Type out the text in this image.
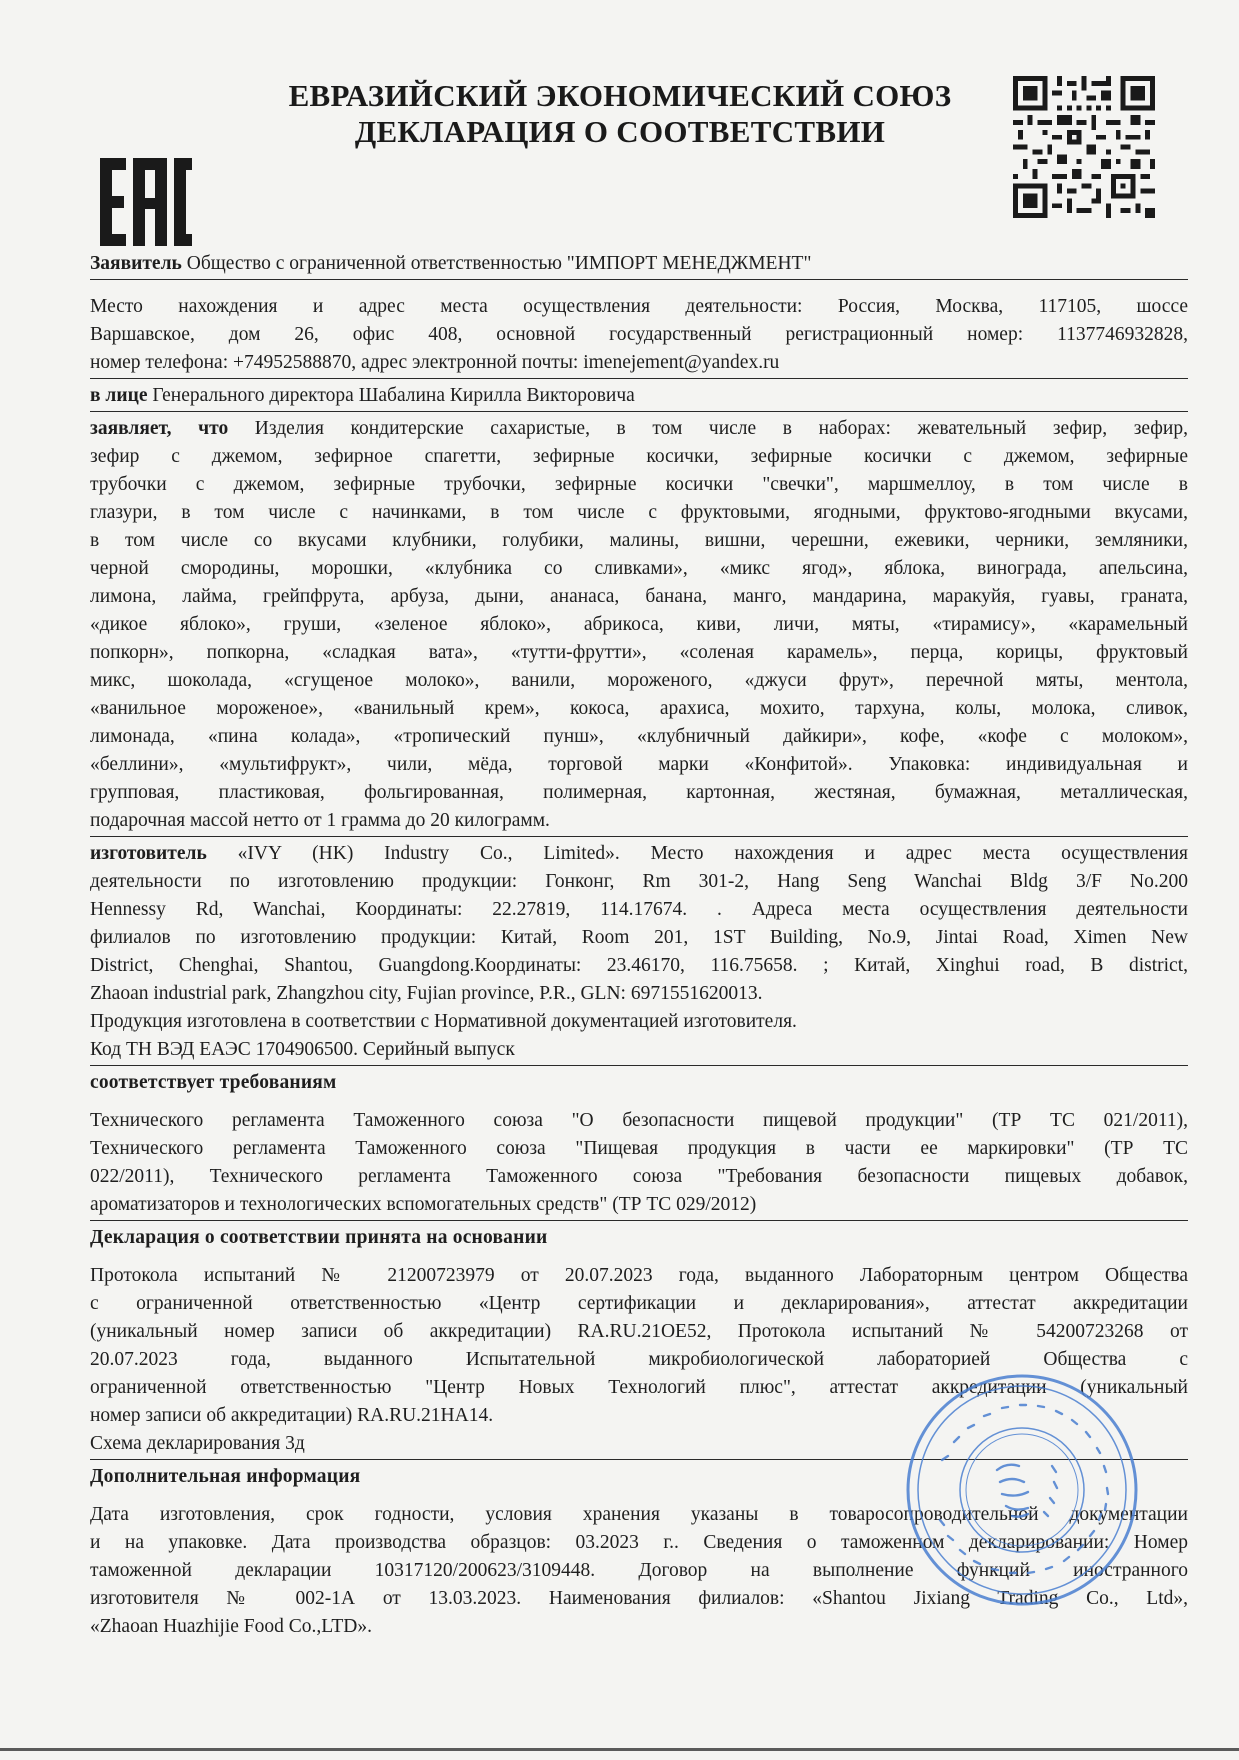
ЕВРАЗИЙСКИЙ ЭКОНОМИЧЕСКИЙ СОЮЗ
ДЕКЛАРАЦИЯ О СООТВЕТСТВИИ
Заявитель Общество с ограниченной ответственностью "ИМПОРТ МЕНЕДЖМЕНТ"
Место нахождения и адрес места осуществления деятельности: Россия, Москва, 117105, шоссе
Варшавское, дом 26, офис 408, основной государственный регистрационный номер: 1137746932828,
номер телефона: +74952588870, адрес электронной почты: imenejement@yandex.ru
в лице Генерального директора Шабалина Кирилла Викторовича
заявляет, что Изделия кондитерские сахаристые, в том числе в наборах: жевательный зефир, зефир,
зефир с джемом, зефирное спагетти, зефирные косички, зефирные косички с джемом, зефирные
трубочки с джемом, зефирные трубочки, зефирные косички "свечки", маршмеллоу, в том числе в
глазури, в том числе с начинками, в том числе с фруктовыми, ягодными, фруктово-ягодными вкусами,
в том числе со вкусами клубники, голубики, малины, вишни, черешни, ежевики, черники, земляники,
черной смородины, морошки, «клубника со сливками», «микс ягод», яблока, винограда, апельсина,
лимона, лайма, грейпфрута, арбуза, дыни, ананаса, банана, манго, мандарина, маракуйя, гуавы, граната,
«дикое яблоко», груши, «зеленое яблоко», абрикоса, киви, личи, мяты, «тирамису», «карамельный
попкорн», попкорна, «сладкая вата», «тутти-фрутти», «соленая карамель», перца, корицы, фруктовый
микс, шоколада, «сгущеное молоко», ванили, мороженого, «джуси фрут», перечной мяты, ментола,
«ванильное мороженое», «ванильный крем», кокоса, арахиса, мохито, тархуна, колы, молока, сливок,
лимонада, «пина колада», «тропический пунш», «клубничный дайкири», кофе, «кофе с молоком»,
«беллини», «мультифрукт», чили, мёда, торговой марки «Конфитой». Упаковка: индивидуальная и
групповая, пластиковая, фольгированная, полимерная, картонная, жестяная, бумажная, металлическая,
подарочная массой нетто от 1 грамма до 20 килограмм.
изготовитель «IVY (HK) Industry Co., Limited». Место нахождения и адрес места осуществления
деятельности по изготовлению продукции: Гонконг, Rm 301-2, Hang Seng Wanchai Bldg 3/F No.200
Hennessy Rd, Wanchai, Координаты: 22.27819, 114.17674. . Адреса места осуществления деятельности
филиалов по изготовлению продукции: Китай, Room 201, 1ST Building, No.9, Jintai Road, Ximen New
District, Chenghai, Shantou, Guangdong.Координаты: 23.46170, 116.75658. ; Китай, Xinghui road, B district,
Zhaoan industrial park, Zhangzhou city, Fujian province, P.R., GLN: 6971551620013.
Продукция изготовлена в соответствии с Нормативной документацией изготовителя.
Код ТН ВЭД ЕАЭС 1704906500. Серийный выпуск
соответствует требованиям
Технического регламента Таможенного союза "О безопасности пищевой продукции" (ТР ТС 021/2011),
Технического регламента Таможенного союза "Пищевая продукция в части ее маркировки" (ТР ТС
022/2011), Технического регламента Таможенного союза "Требования безопасности пищевых добавок,
ароматизаторов и технологических вспомогательных средств" (ТР ТС 029/2012)
Декларация о соответствии принята на основании
Протокола испытаний № 21200723979 от 20.07.2023 года, выданного Лабораторным центром Общества
с ограниченной ответственностью «Центр сертификации и декларирования», аттестат аккредитации
(уникальный номер записи об аккредитации) RA.RU.21OE52, Протокола испытаний № 54200723268 от
20.07.2023 года, выданного Испытательной микробиологической лабораторией Общества с
ограниченной ответственностью "Центр Новых Технологий плюс", аттестат аккредитации (уникальный
номер записи об аккредитации) RA.RU.21HA14.
Схема декларирования 3д
Дополнительная информация
Дата изготовления, срок годности, условия хранения указаны в товаросопроводительной документации
и на упаковке. Дата производства образцов: 03.2023 г.. Сведения о таможенном декларировании: Номер
таможенной декларации 10317120/200623/3109448. Договор на выполнение функций иностранного
изготовителя № 002-1А от 13.03.2023. Наименования филиалов: «Shantou Jixiang Trading Co., Ltd»,
«Zhaoan Huazhijie Food Co.,LTD».
